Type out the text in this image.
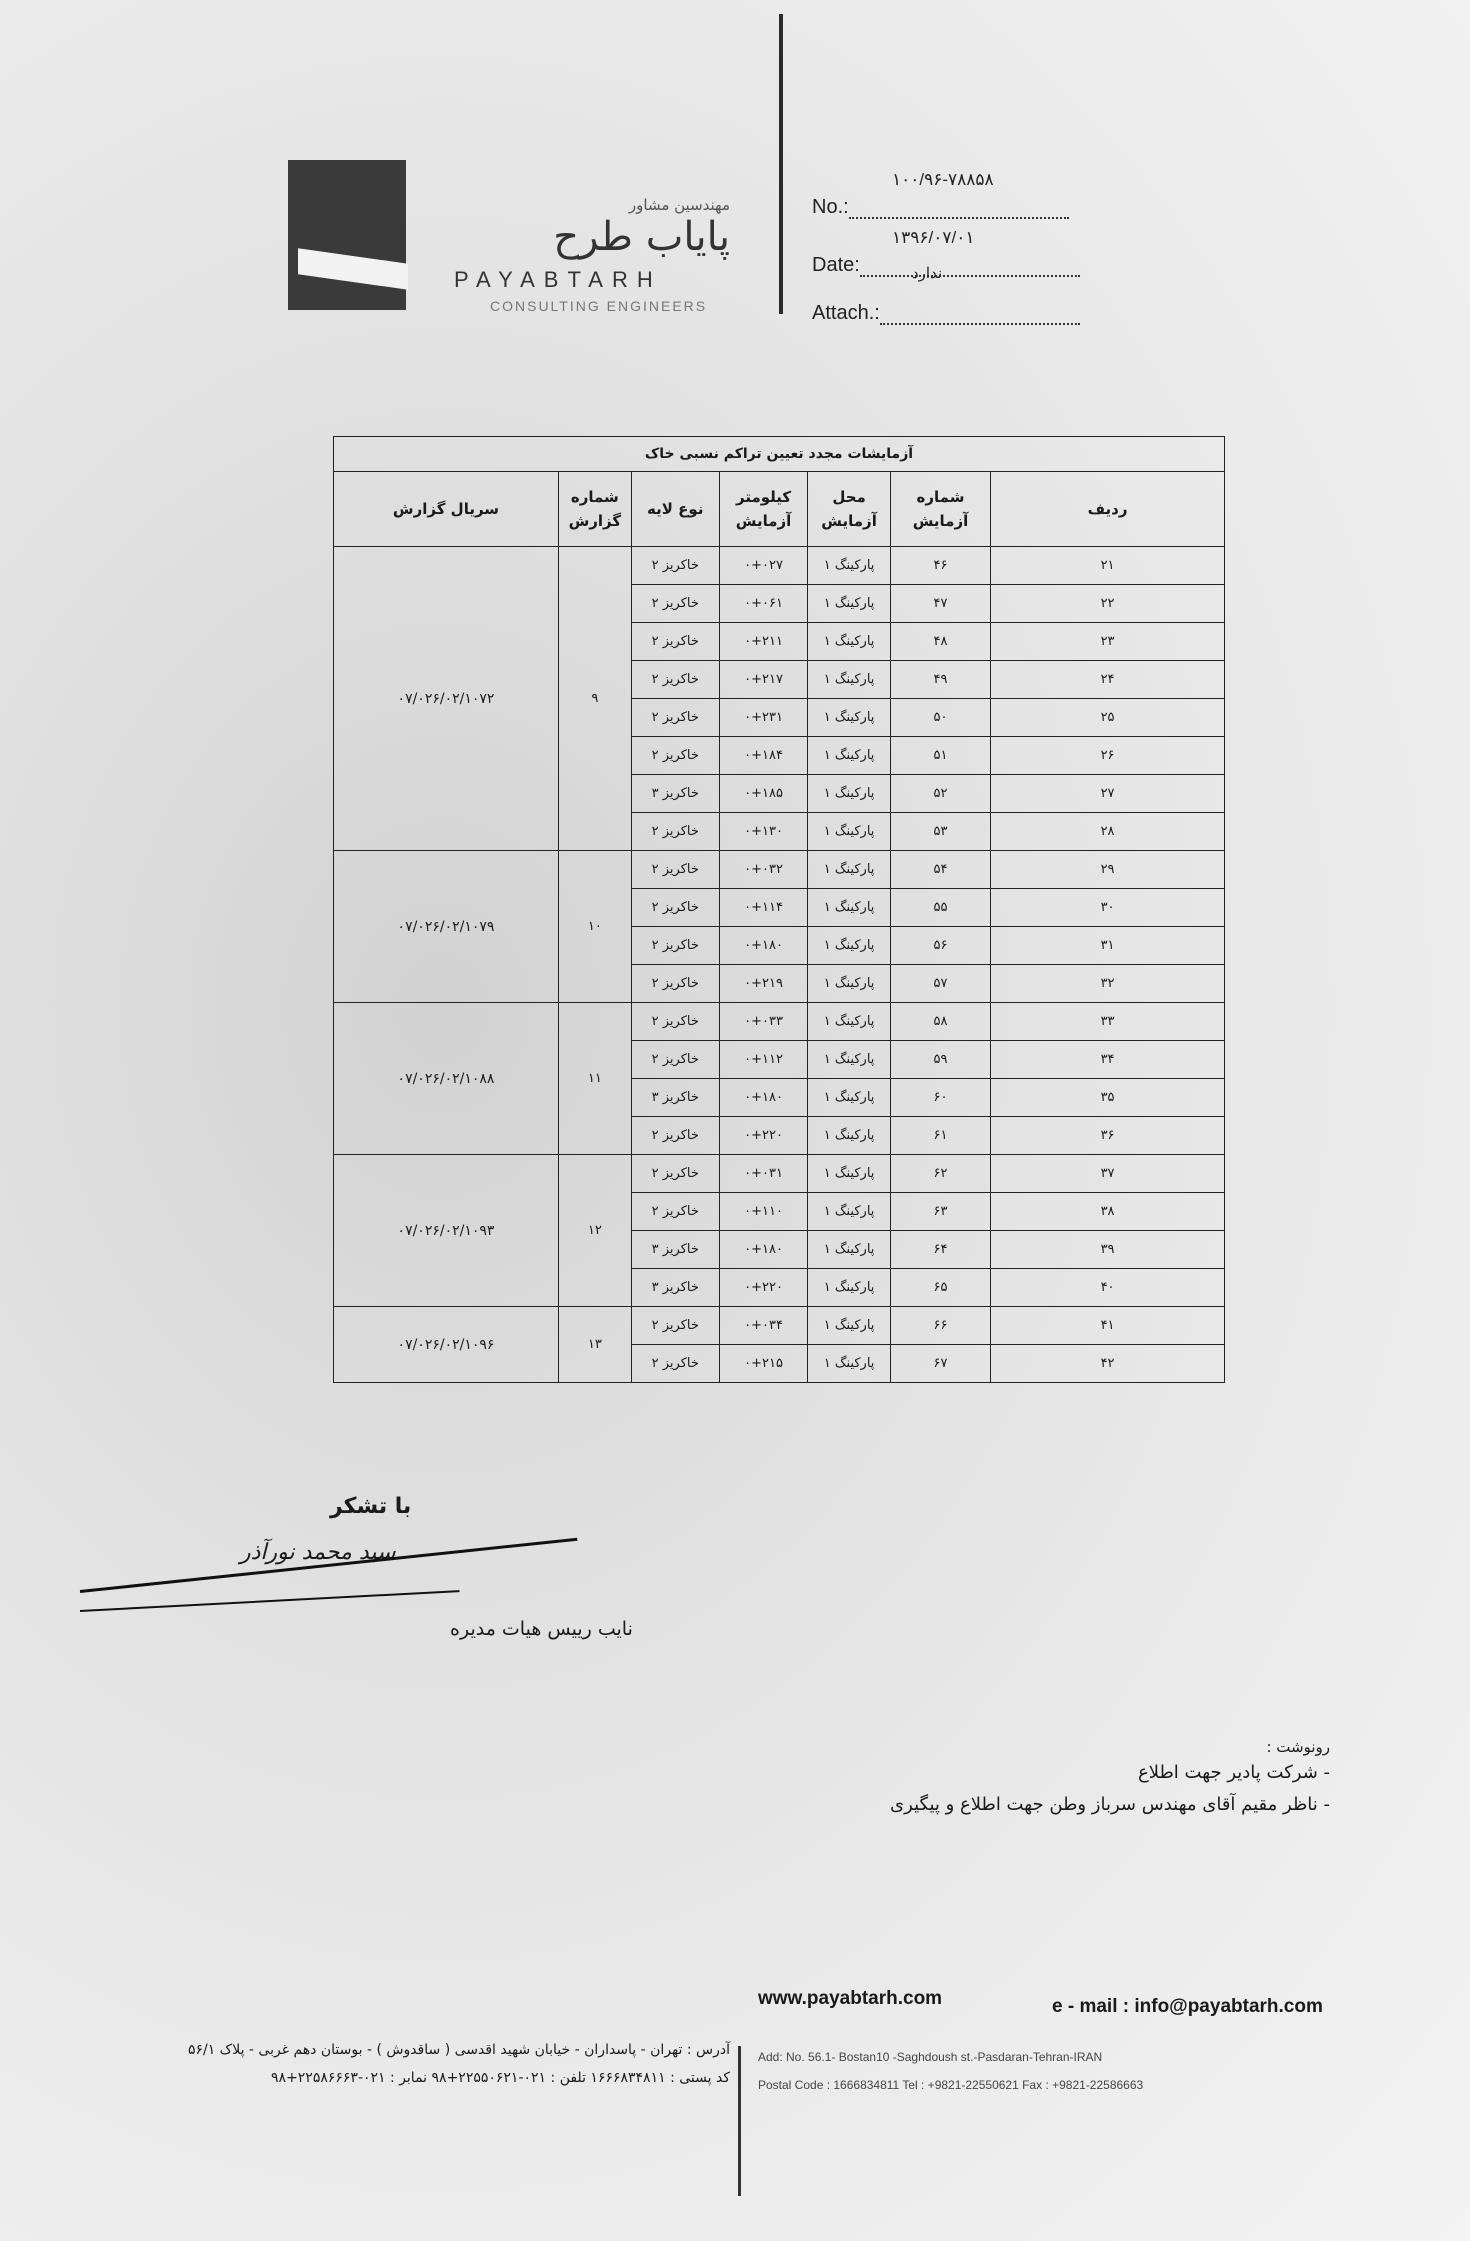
مهندسین مشاور
پایاب طرح
PAYABTARH
CONSULTING ENGINEERS
۱۰۰/۹۶-۷۸۸۵۸
No.:
۱۳۹۶/۰۷/۰۱
Date:	ندارد
Attach.:
آزمایشات مجدد تعیین تراکم نسبی خاک						
ردیف	شماره آزمایش	محل آزمایش	کیلومتر آزمایش	نوع لایه	شماره گزارش	سریال گزارش
۲۱	۴۶	پارکینگ ۱	۰+۰۲۷	خاکریز ۲	۹	۰۷/۰۲۶/۰۲/۱۰۷۲
۲۲	۴۷	پارکینگ ۱	۰+۰۶۱	خاکریز ۲		
۲۳	۴۸	پارکینگ ۱	۰+۲۱۱	خاکریز ۲		
۲۴	۴۹	پارکینگ ۱	۰+۲۱۷	خاکریز ۲		
۲۵	۵۰	پارکینگ ۱	۰+۲۳۱	خاکریز ۲		
۲۶	۵۱	پارکینگ ۱	۰+۱۸۴	خاکریز ۲		
۲۷	۵۲	پارکینگ ۱	۰+۱۸۵	خاکریز ۳		
۲۸	۵۳	پارکینگ ۱	۰+۱۳۰	خاکریز ۲		
۲۹	۵۴	پارکینگ ۱	۰+۰۳۲	خاکریز ۲	۱۰	۰۷/۰۲۶/۰۲/۱۰۷۹
۳۰	۵۵	پارکینگ ۱	۰+۱۱۴	خاکریز ۲		
۳۱	۵۶	پارکینگ ۱	۰+۱۸۰	خاکریز ۲		
۳۲	۵۷	پارکینگ ۱	۰+۲۱۹	خاکریز ۲		
۳۳	۵۸	پارکینگ ۱	۰+۰۳۳	خاکریز ۲	۱۱	۰۷/۰۲۶/۰۲/۱۰۸۸
۳۴	۵۹	پارکینگ ۱	۰+۱۱۲	خاکریز ۲		
۳۵	۶۰	پارکینگ ۱	۰+۱۸۰	خاکریز ۳		
۳۶	۶۱	پارکینگ ۱	۰+۲۲۰	خاکریز ۲		
۳۷	۶۲	پارکینگ ۱	۰+۰۳۱	خاکریز ۲	۱۲	۰۷/۰۲۶/۰۲/۱۰۹۳
۳۸	۶۳	پارکینگ ۱	۰+۱۱۰	خاکریز ۲		
۳۹	۶۴	پارکینگ ۱	۰+۱۸۰	خاکریز ۳		
۴۰	۶۵	پارکینگ ۱	۰+۲۲۰	خاکریز ۳		
۴۱	۶۶	پارکینگ ۱	۰+۰۳۴	خاکریز ۲	۱۳	۰۷/۰۲۶/۰۲/۱۰۹۶
۴۲	۶۷	پارکینگ ۱	۰+۲۱۵	خاکریز ۲		
با تشکر
سید محمد نورآذر
نایب رییس هیات مدیره
رونوشت :
- شرکت پادیر جهت اطلاع
- ناظر مقیم آقای مهندس سرباز وطن جهت اطلاع و پیگیری
www.payabtarh.com	e - mail : info@payabtarh.com
آدرس : تهران - پاسداران - خیابان شهید اقدسی ( ساقدوش ) - بوستان دهم غربی - پلاک ۵۶/۱
کد پستی : ۱۶۶۶۸۳۴۸۱۱ تلفن : ۰۲۱-۲۲۵۵۰۶۲۱+۹۸ نمابر : ۰۲۱-۲۲۵۸۶۶۶۳+۹۸
Add: No. 56.1- Bostan10 -Saghdoush st.-Pasdaran-Tehran-IRAN
Postal Code : 1666834811 Tel : +9821-22550621 Fax : +9821-22586663
